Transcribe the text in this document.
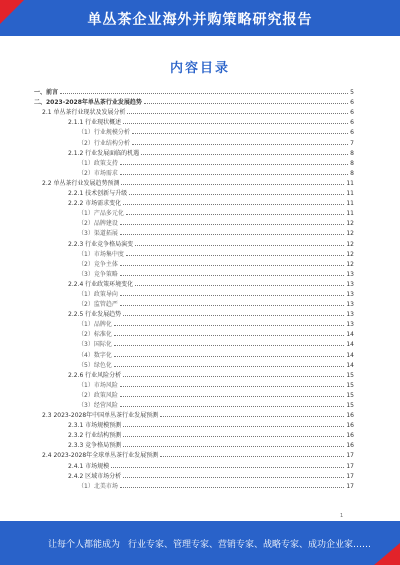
单丛茶企业海外并购策略研究报告
内容目录
一、前言	5
二、2023-2028年单丛茶行业发展趋势	6
2.1 单丛茶行业现状及发展分析	6
2.1.1 行业现状概述	6
（1）行业规模分析	6
（2）行业结构分析	7
2.1.2 行业发展面临的机遇	8
（1）政策支持	8
（2）市场需求	8
2.2 单丛茶行业发展趋势预测	11
2.2.1 技术创新与升级	11
2.2.2 市场需求变化	11
（1）产品多元化	11
（2）品牌建设	12
（3）渠道拓展	12
2.2.3 行业竞争格局演变	12
（1）市场集中度	12
（2）竞争主体	12
（3）竞争策略	13
2.2.4 行业政策环境变化	13
（1）政策导向	13
（2）监管趋严	13
2.2.5 行业发展趋势	13
（1）品牌化	13
（2）标准化	14
（3）国际化	14
（4）数字化	14
（5）绿色化	14
2.2.6 行业风险分析	15
（1）市场风险	15
（2）政策风险	15
（3）经营风险	15
2.3 2023-2028年中国单丛茶行业发展预测	16
2.3.1 市场规模预测	16
2.3.2 行业结构预测	16
2.3.3 竞争格局预测	16
2.4 2023-2028年全球单丛茶行业发展预测	17
2.4.1 市场规模	17
2.4.2 区域市场分析	17
（1）北美市场	17
1
让每个人都能成为 行业专家、管理专家、营销专家、战略专家、成功企业家……
